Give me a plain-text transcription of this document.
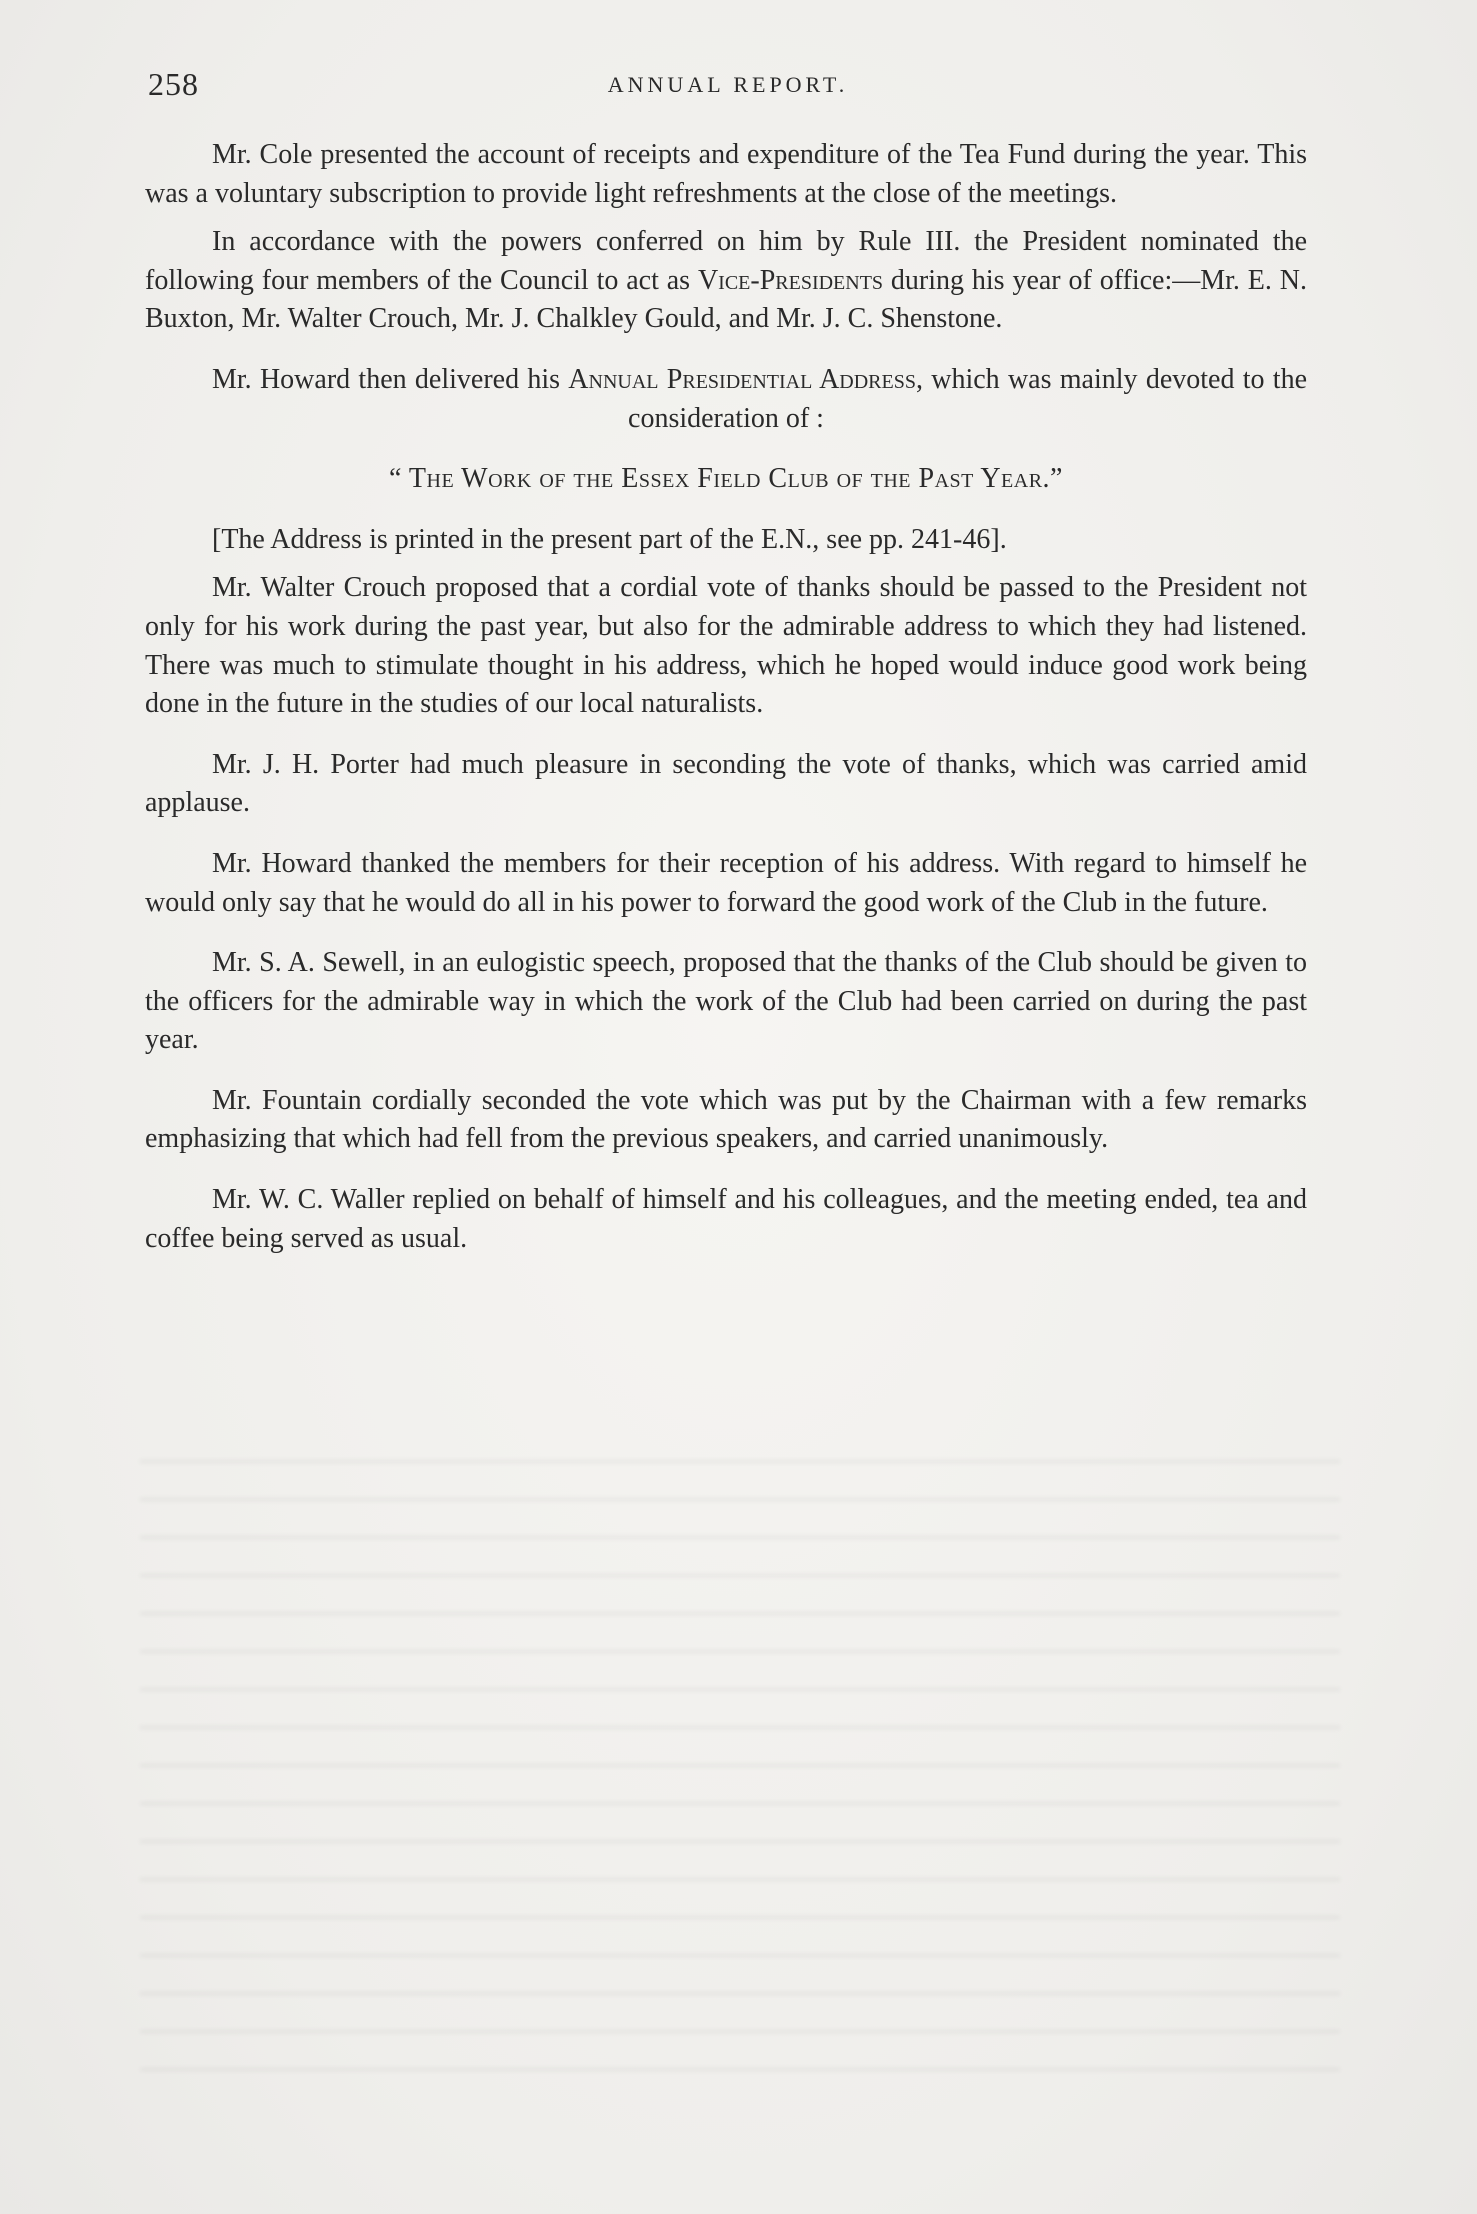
258	ANNUAL REPORT.

Mr. Cole presented the account of receipts and expenditure of the Tea Fund during the year. This was a voluntary subscription to provide light refreshments at the close of the meetings.

In accordance with the powers conferred on him by Rule III. the President nominated the following four members of the Council to act as Vice-Presidents during his year of office:—Mr. E. N. Buxton, Mr. Walter Crouch, Mr. J. Chalkley Gould, and Mr. J. C. Shenstone.

Mr. Howard then delivered his Annual Presidential Address, which was mainly devoted to the consideration of :

“ The Work of the Essex Field Club of the Past Year.”

[The Address is printed in the present part of the E.N., see pp. 241-46].

Mr. Walter Crouch proposed that a cordial vote of thanks should be passed to the President not only for his work during the past year, but also for the admirable address to which they had listened. There was much to stimulate thought in his address, which he hoped would induce good work being done in the future in the studies of our local naturalists.

Mr. J. H. Porter had much pleasure in seconding the vote of thanks, which was carried amid applause.

Mr. Howard thanked the members for their reception of his address. With regard to himself he would only say that he would do all in his power to forward the good work of the Club in the future.

Mr. S. A. Sewell, in an eulogistic speech, proposed that the thanks of the Club should be given to the officers for the admirable way in which the work of the Club had been carried on during the past year.

Mr. Fountain cordially seconded the vote which was put by the Chairman with a few remarks emphasizing that which had fell from the previous speakers, and carried unanimously.

Mr. W. C. Waller replied on behalf of himself and his colleagues, and the meeting ended, tea and coffee being served as usual.
